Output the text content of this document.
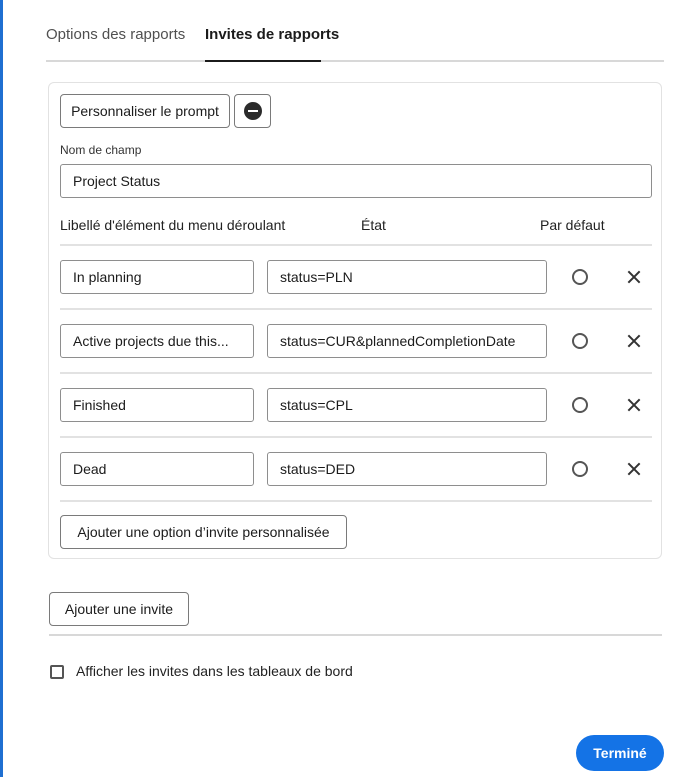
Options des rapports Invites de rapports
Personnaliser le prompt
Nom de champ
Project Status
Libellé d'élément du menu déroulant	État	Par défaut
In planning
status=PLN
Active projects due this...
status=CUR&plannedCompletionDate
Finished
status=CPL
Dead
status=DED
Ajouter une option d’invite personnalisée
Ajouter une invite
Afficher les invites dans les tableaux de bord
Terminé
